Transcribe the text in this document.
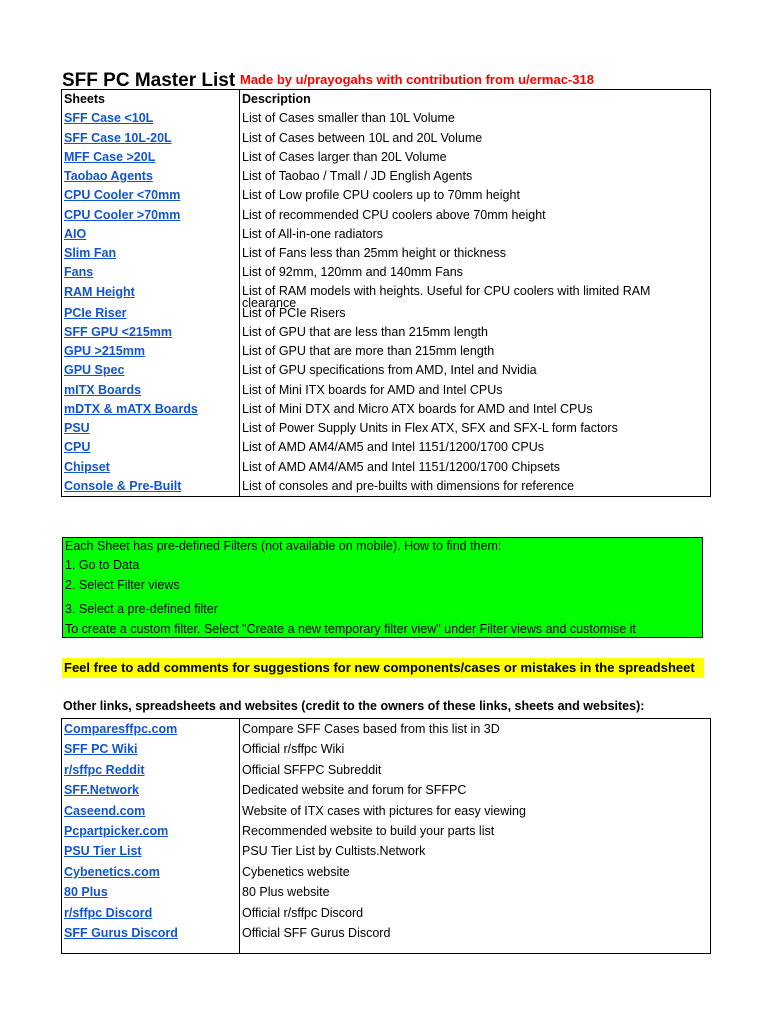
SFF PC Master List Made by u/prayogahs with contribution from u/ermac-318
Sheets	Description
SFF Case <10L	List of Cases smaller than 10L Volume
SFF Case 10L-20L	List of Cases between 10L and 20L Volume
MFF Case >20L	List of Cases larger than 20L Volume
Taobao Agents	List of Taobao / Tmall / JD English Agents
CPU Cooler <70mm	List of Low profile CPU coolers up to 70mm height
CPU Cooler >70mm	List of recommended CPU coolers above 70mm height
AIO	List of All-in-one radiators
Slim Fan	List of Fans less than 25mm height or thickness
Fans	List of 92mm, 120mm and 140mm Fans
RAM Height	List of RAM models with heights. Useful for CPU coolers with limited RAM clearance

PCIe Riser	List of PCIe Risers
SFF GPU <215mm	List of GPU that are less than 215mm length
GPU >215mm	List of GPU that are more than 215mm length
GPU Spec	List of GPU specifications from AMD, Intel and Nvidia
mITX Boards	List of Mini ITX boards for AMD and Intel CPUs
mDTX & mATX Boards	List of Mini DTX and Micro ATX boards for AMD and Intel CPUs
PSU	List of Power Supply Units in Flex ATX, SFX and SFX-L form factors
CPU	List of AMD AM4/AM5 and Intel 1151/1200/1700 CPUs
Chipset	List of AMD AM4/AM5 and Intel 1151/1200/1700 Chipsets
Console & Pre-Built	List of consoles and pre-builts with dimensions for reference
Each Sheet has pre-defined Filters (not available on mobile). How to find them:
1. Go to Data
2. Select Filter views
3. Select a pre-defined filter
To create a custom filter. Select "Create a new temporary filter view" under Filter views and customise it
Feel free to add comments for suggestions for new components/cases or mistakes in the spreadsheet
Other links, spreadsheets and websites (credit to the owners of these links, sheets and websites):
Comparesffpc.com	Compare SFF Cases based from this list in 3D
SFF PC Wiki	Official r/sffpc Wiki
r/sffpc Reddit	Official SFFPC Subreddit
SFF.Network	Dedicated website and forum for SFFPC
Caseend.com	Website of ITX cases with pictures for easy viewing
Pcpartpicker.com	Recommended website to build your parts list
PSU Tier List	PSU Tier List by Cultists.Network
Cybenetics.com	Cybenetics website
80 Plus	80 Plus website
r/sffpc Discord	Official r/sffpc Discord
SFF Gurus Discord	Official SFF Gurus Discord
